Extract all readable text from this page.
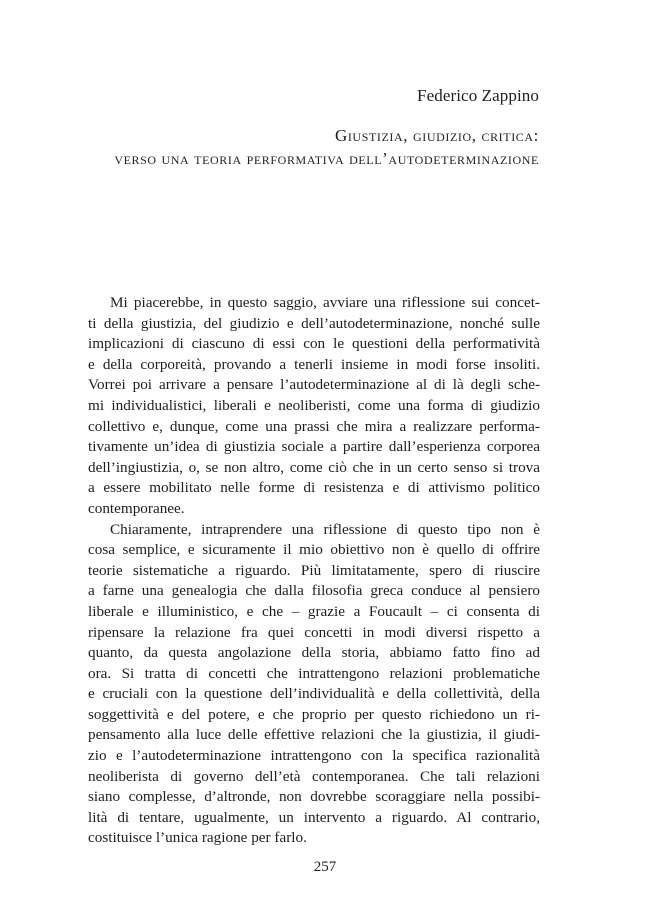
Federico Zappino
Giustizia, giudizio, critica:
verso una teoria performativa dell’autodeterminazione
Mi piacerebbe, in questo saggio, avviare una riflessione sui concet-
ti della giustizia, del giudizio e dell’autodeterminazione, nonché sulle
implicazioni di ciascuno di essi con le questioni della performatività
e della corporeità, provando a tenerli insieme in modi forse insoliti.
Vorrei poi arrivare a pensare l’autodeterminazione al di là degli sche-
mi individualistici, liberali e neoliberisti, come una forma di giudizio
collettivo e, dunque, come una prassi che mira a realizzare performa-
tivamente un’idea di giustizia sociale a partire dall’esperienza corporea
dell’ingiustizia, o, se non altro, come ciò che in un certo senso si trova
a essere mobilitato nelle forme di resistenza e di attivismo politico
contemporanee.
Chiaramente, intraprendere una riflessione di questo tipo non è
cosa semplice, e sicuramente il mio obiettivo non è quello di offrire
teorie sistematiche a riguardo. Più limitatamente, spero di riuscire
a farne una genealogia che dalla filosofia greca conduce al pensiero
liberale e illuministico, e che – grazie a Foucault – ci consenta di
ripensare la relazione fra quei concetti in modi diversi rispetto a
quanto, da questa angolazione della storia, abbiamo fatto fino ad
ora. Si tratta di concetti che intrattengono relazioni problematiche
e cruciali con la questione dell’individualità e della collettività, della
soggettività e del potere, e che proprio per questo richiedono un ri-
pensamento alla luce delle effettive relazioni che la giustizia, il giudi-
zio e l’autodeterminazione intrattengono con la specifica razionalità
neoliberista di governo dell’età contemporanea. Che tali relazioni
siano complesse, d’altronde, non dovrebbe scoraggiare nella possibi-
lità di tentare, ugualmente, un intervento a riguardo. Al contrario,
costituisce l’unica ragione per farlo.
257
